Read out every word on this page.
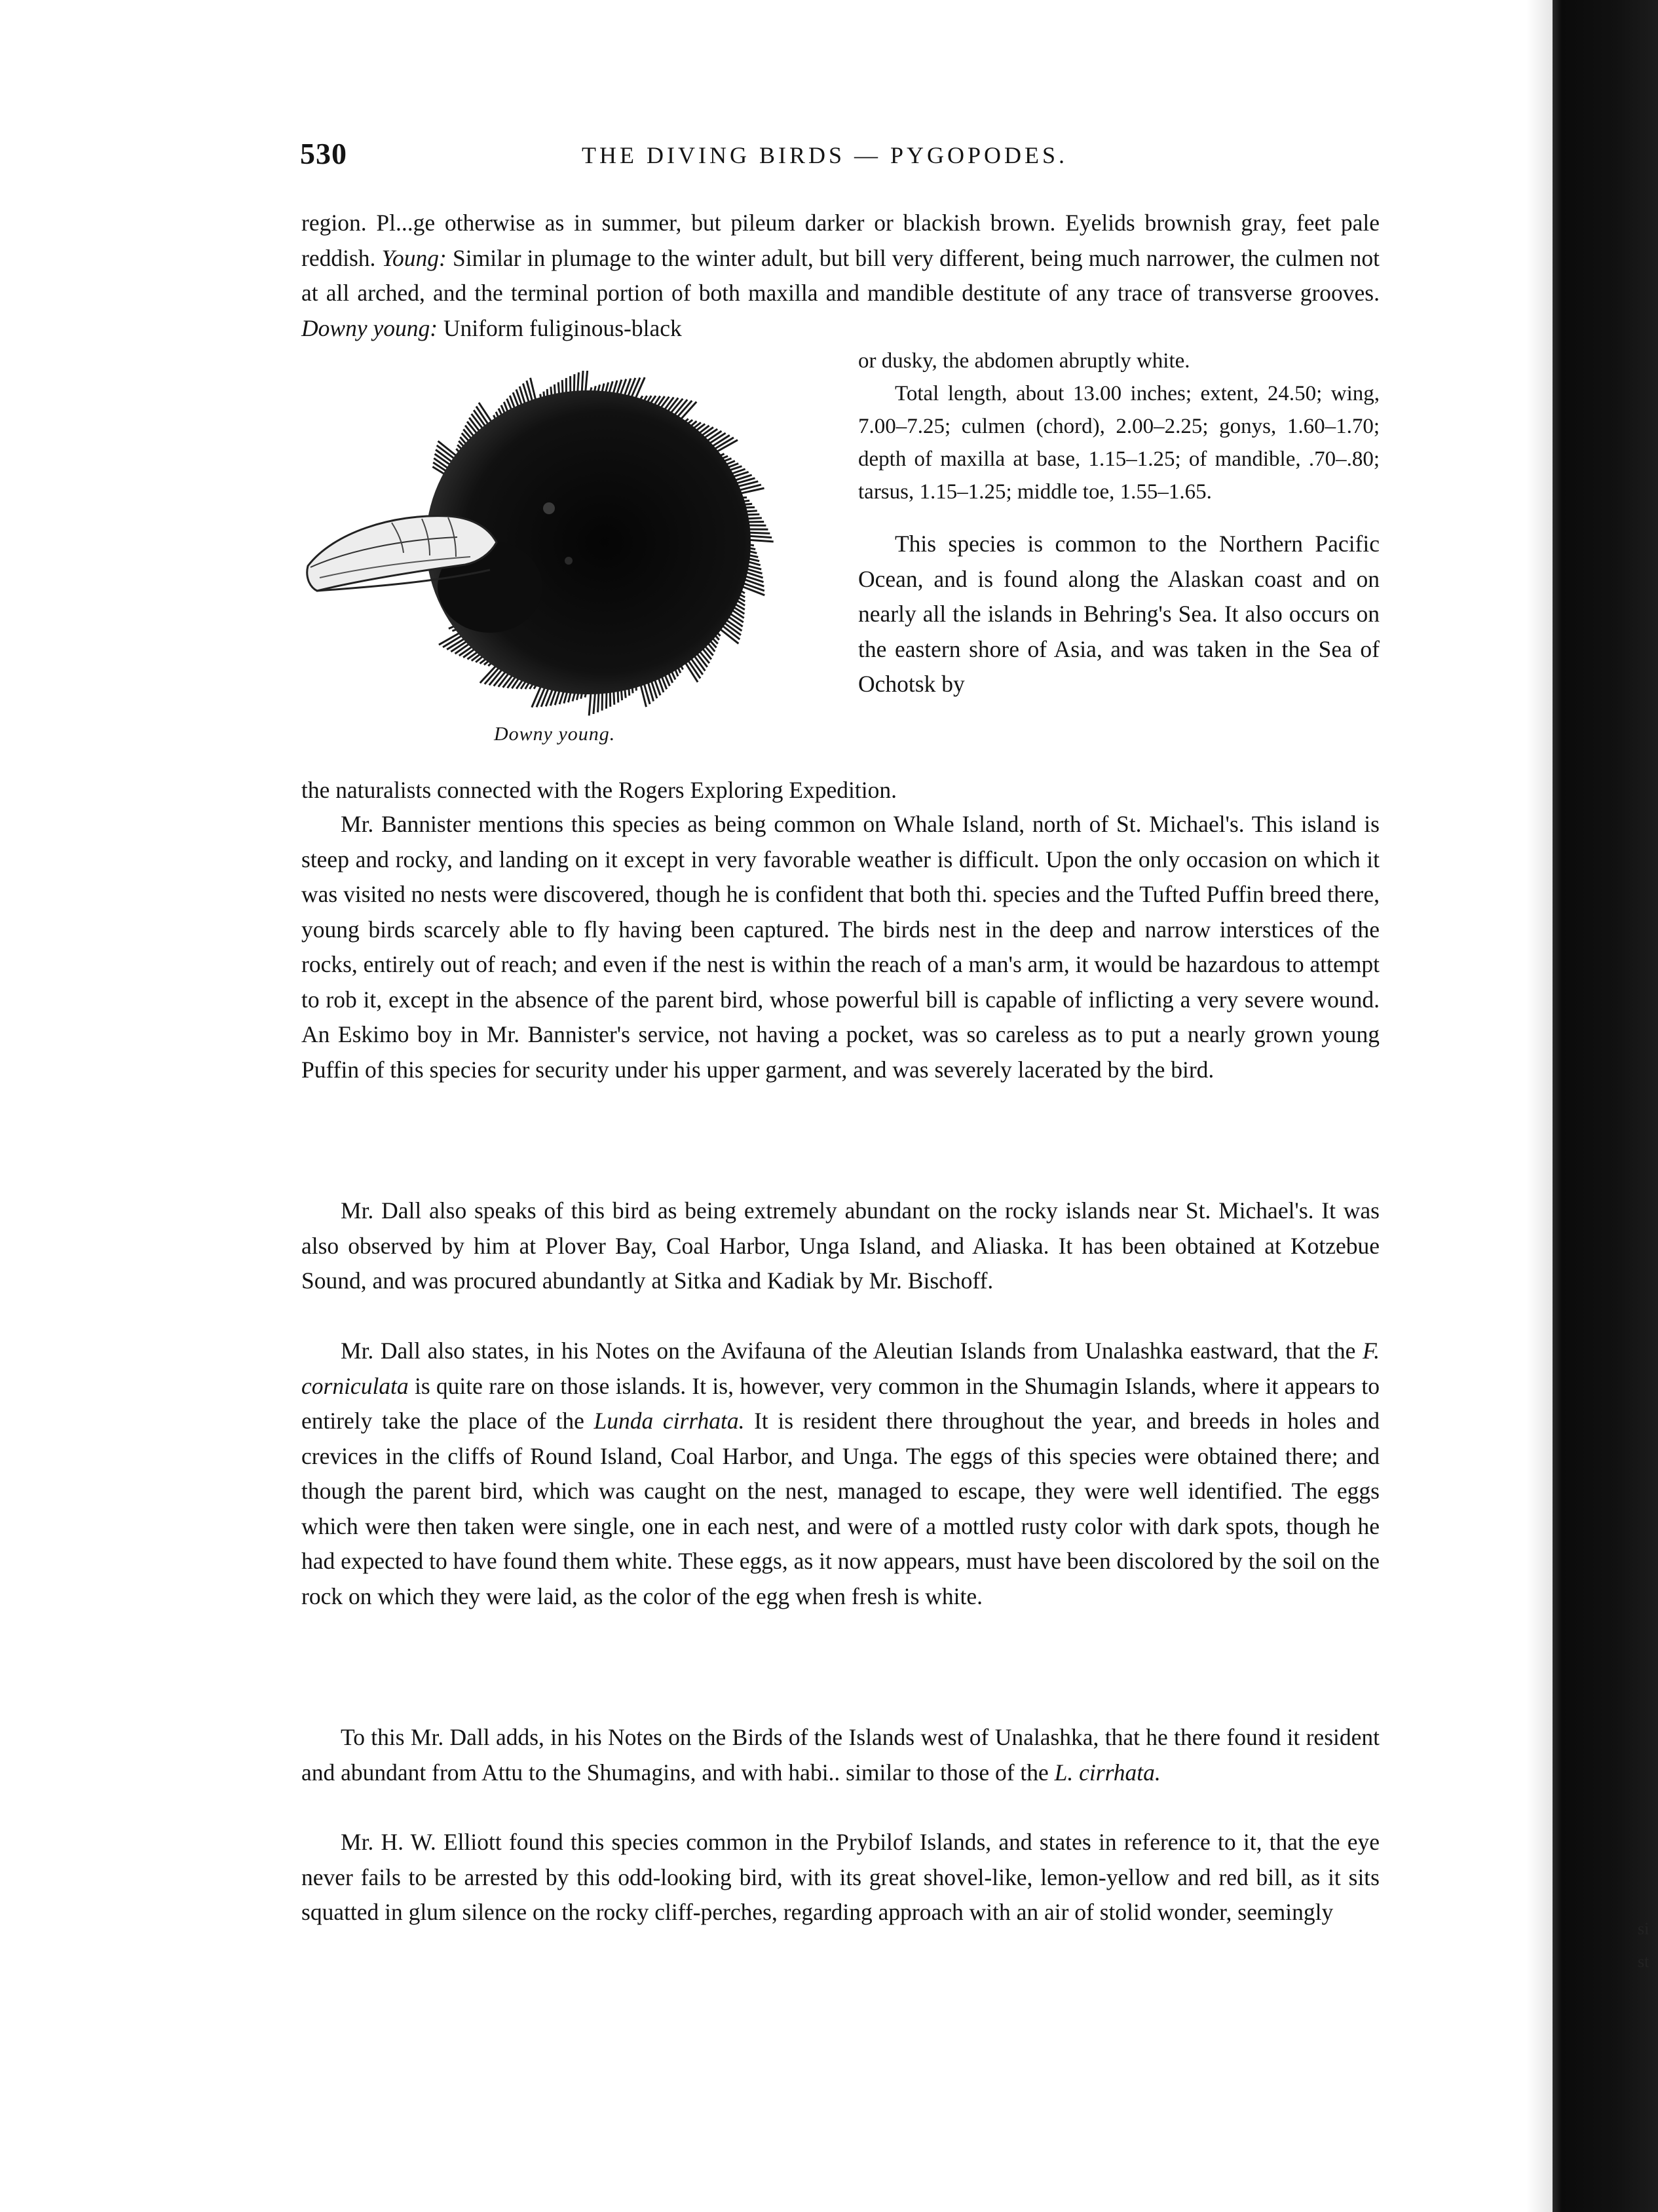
si
st
530	THE DIVING BIRDS — PYGOPODES.

region. Pl...ge otherwise as in summer, but pileum darker or blackish brown. Eyelids brownish gray, feet pale reddish. Young: Similar in plumage to the winter adult, but bill very different, being much narrower, the culmen not at all arched, and the terminal portion of both maxilla and mandible destitute of any trace of transverse grooves. Downy young: Uniform fuliginous-black

Downy young.

or dusky, the abdomen abruptly white.

Total length, about 13.00 inches; extent, 24.50; wing, 7.00–7.25; culmen (chord), 2.00–2.25; gonys, 1.60–1.70; depth of maxilla at base, 1.15–1.25; of mandible, .70–.80; tarsus, 1.15–1.25; middle toe, 1.55–1.65.

This species is common to the Northern Pacific Ocean, and is found along the Alaskan coast and on nearly all the islands in Behring's Sea. It also occurs on the eastern shore of Asia, and was taken in the Sea of Ochotsk by

the naturalists connected with the Rogers Exploring Expedition.

Mr. Bannister mentions this species as being common on Whale Island, north of St. Michael's. This island is steep and rocky, and landing on it except in very favorable weather is difficult. Upon the only occasion on which it was visited no nests were discovered, though he is confident that both thi. species and the Tufted Puffin breed there, young birds scarcely able to fly having been captured. The birds nest in the deep and narrow interstices of the rocks, entirely out of reach; and even if the nest is within the reach of a man's arm, it would be hazardous to attempt to rob it, except in the absence of the parent bird, whose powerful bill is capable of inflicting a very severe wound. An Eskimo boy in Mr. Bannister's service, not having a pocket, was so careless as to put a nearly grown young Puffin of this species for security under his upper garment, and was severely lacerated by the bird.

Mr. Dall also speaks of this bird as being extremely abundant on the rocky islands near St. Michael's. It was also observed by him at Plover Bay, Coal Harbor, Unga Island, and Aliaska. It has been obtained at Kotzebue Sound, and was procured abundantly at Sitka and Kadiak by Mr. Bischoff.

Mr. Dall also states, in his Notes on the Avifauna of the Aleutian Islands from Unalashka eastward, that the F. corniculata is quite rare on those islands. It is, however, very common in the Shumagin Islands, where it appears to entirely take the place of the Lunda cirrhata. It is resident there throughout the year, and breeds in holes and crevices in the cliffs of Round Island, Coal Harbor, and Unga. The eggs of this species were obtained there; and though the parent bird, which was caught on the nest, managed to escape, they were well identified. The eggs which were then taken were single, one in each nest, and were of a mottled rusty color with dark spots, though he had expected to have found them white. These eggs, as it now appears, must have been discolored by the soil on the rock on which they were laid, as the color of the egg when fresh is white.

To this Mr. Dall adds, in his Notes on the Birds of the Islands west of Unalashka, that he there found it resident and abundant from Attu to the Shumagins, and with habi.. similar to those of the L. cirrhata.

Mr. H. W. Elliott found this species common in the Prybilof Islands, and states in reference to it, that the eye never fails to be arrested by this odd-looking bird, with its great shovel-like, lemon-yellow and red bill, as it sits squatted in glum silence on the rocky cliff-perches, regarding approach with an air of stolid wonder, seemingly
